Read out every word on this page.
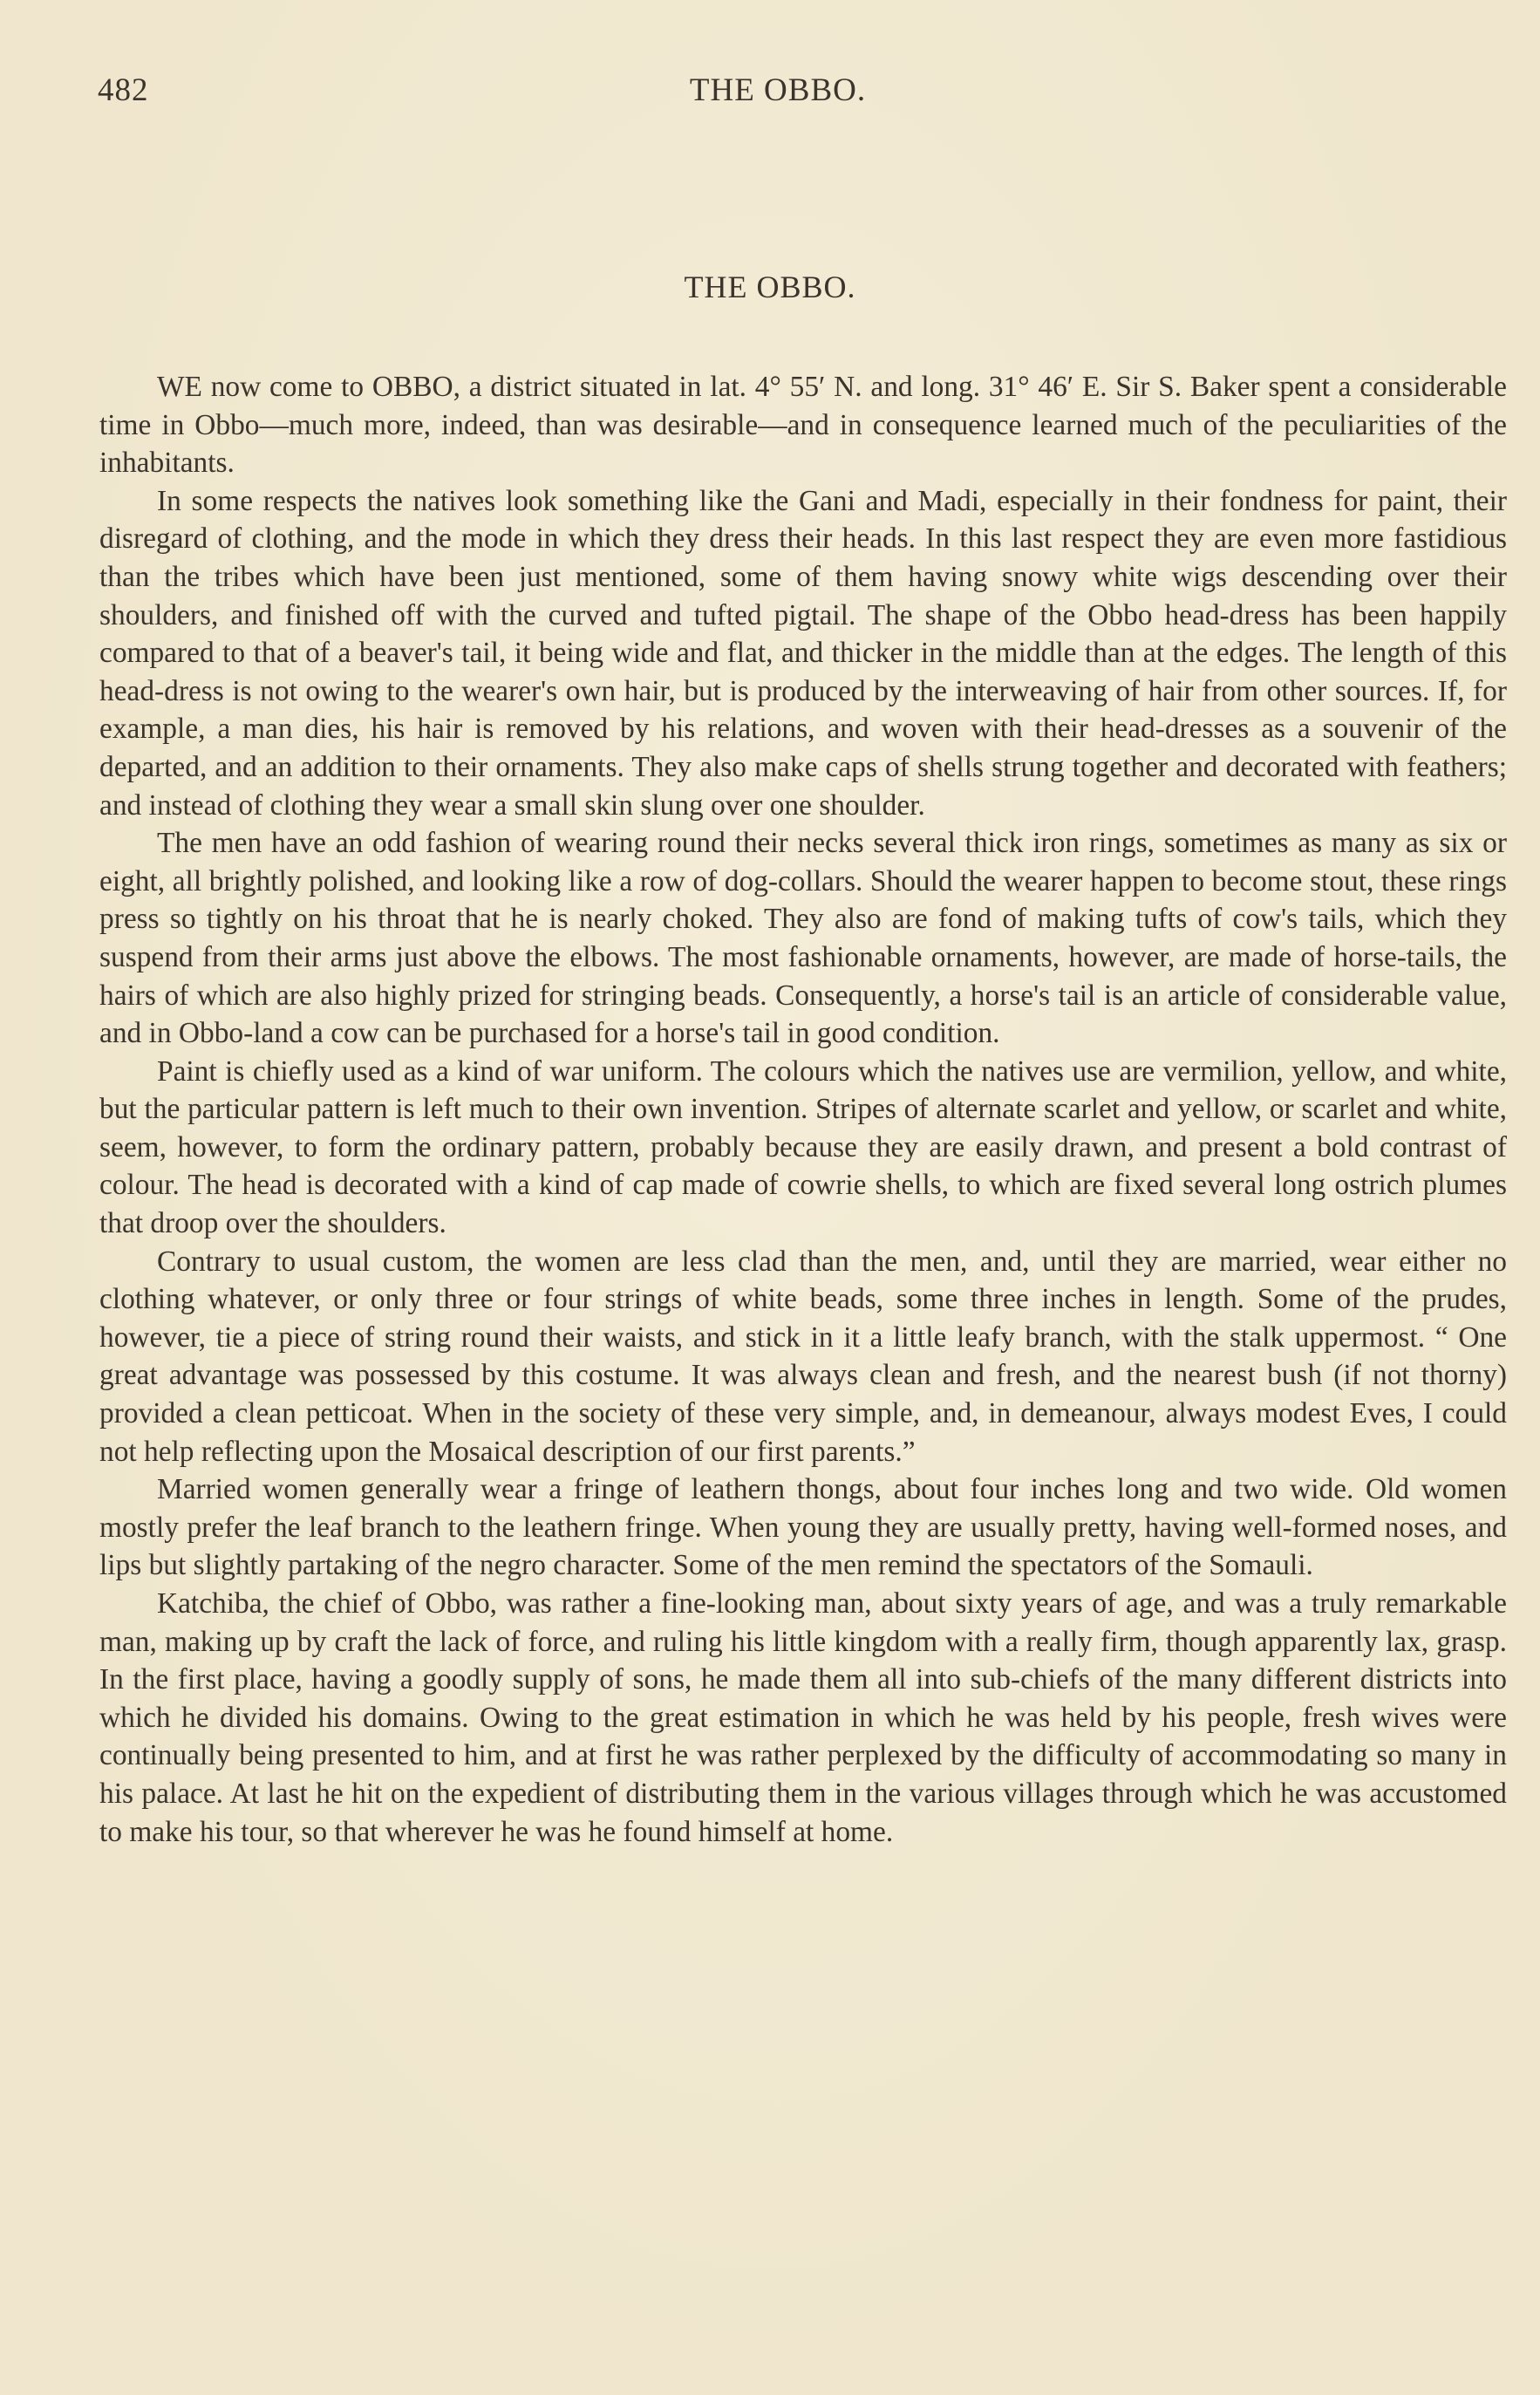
482	THE OBBO.
THE OBBO.

WE now come to OBBO, a district situated in lat. 4° 55′ N. and long. 31° 46′ E. Sir S. Baker spent a considerable time in Obbo—much more, indeed, than was desirable—and in consequence learned much of the peculiarities of the inhabitants.

In some respects the natives look something like the Gani and Madi, especially in their fondness for paint, their disregard of clothing, and the mode in which they dress their heads. In this last respect they are even more fastidious than the tribes which have been just mentioned, some of them having snowy white wigs descending over their shoulders, and finished off with the curved and tufted pigtail. The shape of the Obbo head-dress has been happily compared to that of a beaver's tail, it being wide and flat, and thicker in the middle than at the edges. The length of this head-dress is not owing to the wearer's own hair, but is produced by the interweaving of hair from other sources. If, for example, a man dies, his hair is removed by his relations, and woven with their head-dresses as a souvenir of the departed, and an addition to their ornaments. They also make caps of shells strung together and decorated with feathers; and instead of clothing they wear a small skin slung over one shoulder.

The men have an odd fashion of wearing round their necks several thick iron rings, sometimes as many as six or eight, all brightly polished, and looking like a row of dog-collars. Should the wearer happen to become stout, these rings press so tightly on his throat that he is nearly choked. They also are fond of making tufts of cow's tails, which they suspend from their arms just above the elbows. The most fashionable ornaments, however, are made of horse-tails, the hairs of which are also highly prized for stringing beads. Consequently, a horse's tail is an article of considerable value, and in Obbo-land a cow can be purchased for a horse's tail in good condition.

Paint is chiefly used as a kind of war uniform. The colours which the natives use are vermilion, yellow, and white, but the particular pattern is left much to their own invention. Stripes of alternate scarlet and yellow, or scarlet and white, seem, however, to form the ordinary pattern, probably because they are easily drawn, and present a bold contrast of colour. The head is decorated with a kind of cap made of cowrie shells, to which are fixed several long ostrich plumes that droop over the shoulders.

Contrary to usual custom, the women are less clad than the men, and, until they are married, wear either no clothing whatever, or only three or four strings of white beads, some three inches in length. Some of the prudes, however, tie a piece of string round their waists, and stick in it a little leafy branch, with the stalk uppermost. “ One great advantage was possessed by this costume. It was always clean and fresh, and the nearest bush (if not thorny) provided a clean petticoat. When in the society of these very simple, and, in demeanour, always modest Eves, I could not help reflecting upon the Mosaical description of our first parents.”

Married women generally wear a fringe of leathern thongs, about four inches long and two wide. Old women mostly prefer the leaf branch to the leathern fringe. When young they are usually pretty, having well-formed noses, and lips but slightly partaking of the negro character. Some of the men remind the spectators of the Somauli.

Katchiba, the chief of Obbo, was rather a fine-looking man, about sixty years of age, and was a truly remarkable man, making up by craft the lack of force, and ruling his little kingdom with a really firm, though apparently lax, grasp. In the first place, having a goodly supply of sons, he made them all into sub-chiefs of the many different districts into which he divided his domains. Owing to the great estimation in which he was held by his people, fresh wives were continually being presented to him, and at first he was rather perplexed by the difficulty of accommodating so many in his palace. At last he hit on the expedient of distributing them in the various villages through which he was accustomed to make his tour, so that wherever he was he found himself at home.
